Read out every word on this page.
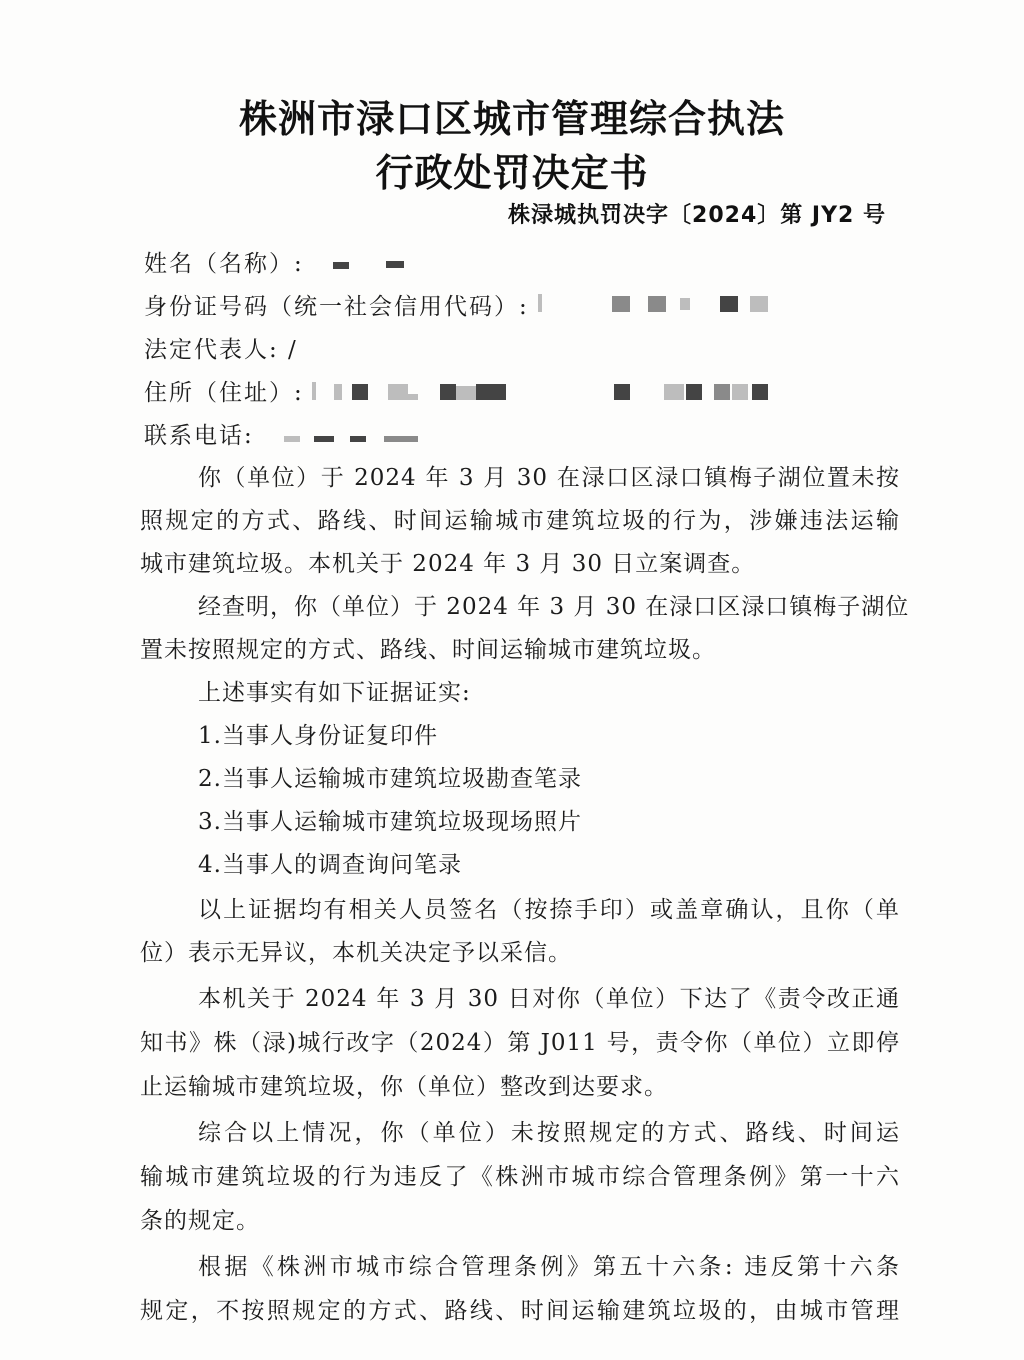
株洲市渌口区城市管理综合执法
行政处罚决定书
株渌城执罚决字〔2024〕第 JY2 号
姓名（名称）:
身份证号码（统一社会信用代码）:
法定代表人: /
住所（住址）:
联系电话:
你（单位）于 2024 年 3 月 30 在渌口区渌口镇梅子湖位置未按
照规定的方式、路线、时间运输城市建筑垃圾的行为，涉嫌违法运输
城市建筑垃圾。本机关于 2024 年 3 月 30 日立案调查。
经查明，你（单位）于 2024 年 3 月 30 在渌口区渌口镇梅子湖位
置未按照规定的方式、路线、时间运输城市建筑垃圾。
上述事实有如下证据证实:
1.当事人身份证复印件
2.当事人运输城市建筑垃圾勘查笔录
3.当事人运输城市建筑垃圾现场照片
4.当事人的调查询问笔录
以上证据均有相关人员签名（按捺手印）或盖章确认，且你（单
位）表示无异议，本机关决定予以采信。
本机关于 2024 年 3 月 30 日对你（单位）下达了《责令改正通
知书》株（渌)城行改字（2024）第 J011 号，责令你（单位）立即停
止运输城市建筑垃圾，你（单位）整改到达要求。
综合以上情况，你（单位）未按照规定的方式、路线、时间运
输城市建筑垃圾的行为违反了《株洲市城市综合管理条例》第一十六
条的规定。
根据《株洲市城市综合管理条例》第五十六条: 违反第十六条
规定，不按照规定的方式、路线、时间运输建筑垃圾的，由城市管理
